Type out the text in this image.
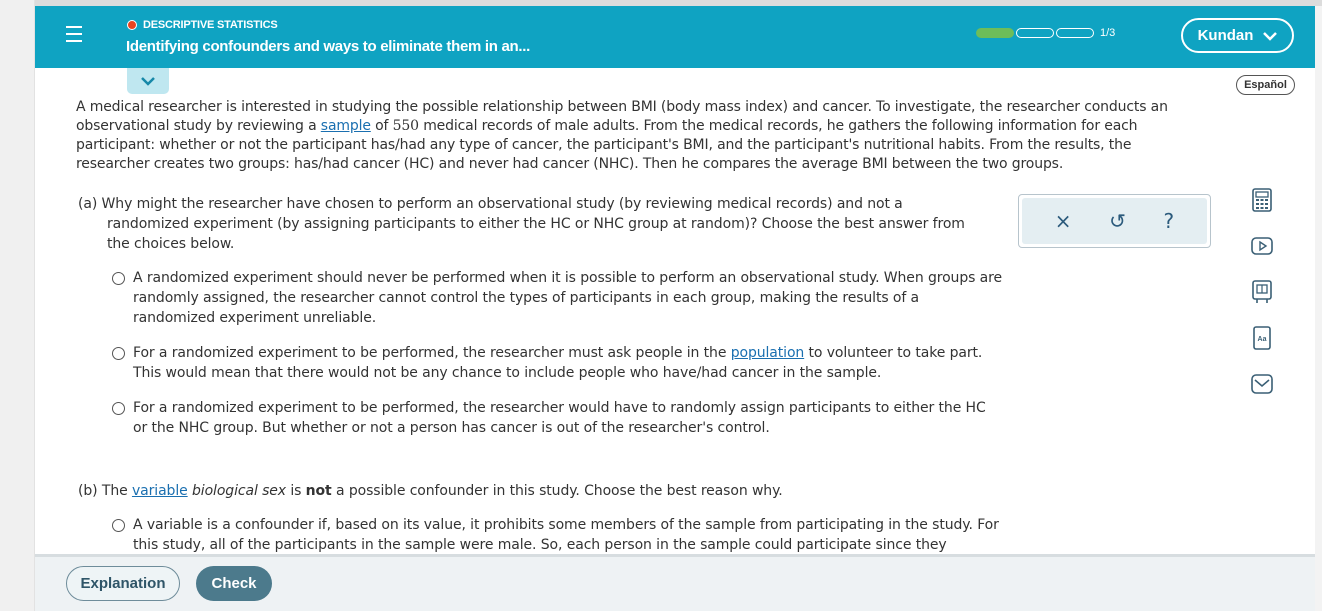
DESCRIPTIVE STATISTICS
Identifying confounders and ways to eliminate them in an...
1/3	Kundan
Español

A medical researcher is interested in studying the possible relationship between BMI (body mass index) and cancer. To investigate, the researcher conducts an observational study by reviewing a sample of 550 medical records of male adults. From the medical records, he gathers the following information for each participant: whether or not the participant has/had any type of cancer, the participant's BMI, and the participant's nutritional habits. From the results, the researcher creates two groups: has/had cancer (HC) and never had cancer (NHC). Then he compares the average BMI between the two groups.

(a) Why might the researcher have chosen to perform an observational study (by reviewing medical records) and not a
randomized experiment (by assigning participants to either the HC or NHC group at random)? Choose the best answer from
the choices below.
A randomized experiment should never be performed when it is possible to perform an observational study. When groups are randomly assigned, the researcher cannot control the types of participants in each group, making the results of a randomized experiment unreliable.
For a randomized experiment to be performed, the researcher must ask people in the population to volunteer to take part. This would mean that there would not be any chance to include people who have/had cancer in the sample.
For a randomized experiment to be performed, the researcher would have to randomly assign participants to either the HC or the NHC group. But whether or not a person has cancer is out of the researcher's control.
(b) The variable biological sex is not a possible confounder in this study. Choose the best reason why.
A variable is a confounder if, based on its value, it prohibits some members of the sample from participating in the study. For this study, all of the participants in the sample were male. So, each person in the sample could participate since they
× ↺ ?
Aa
Explanation	Check
